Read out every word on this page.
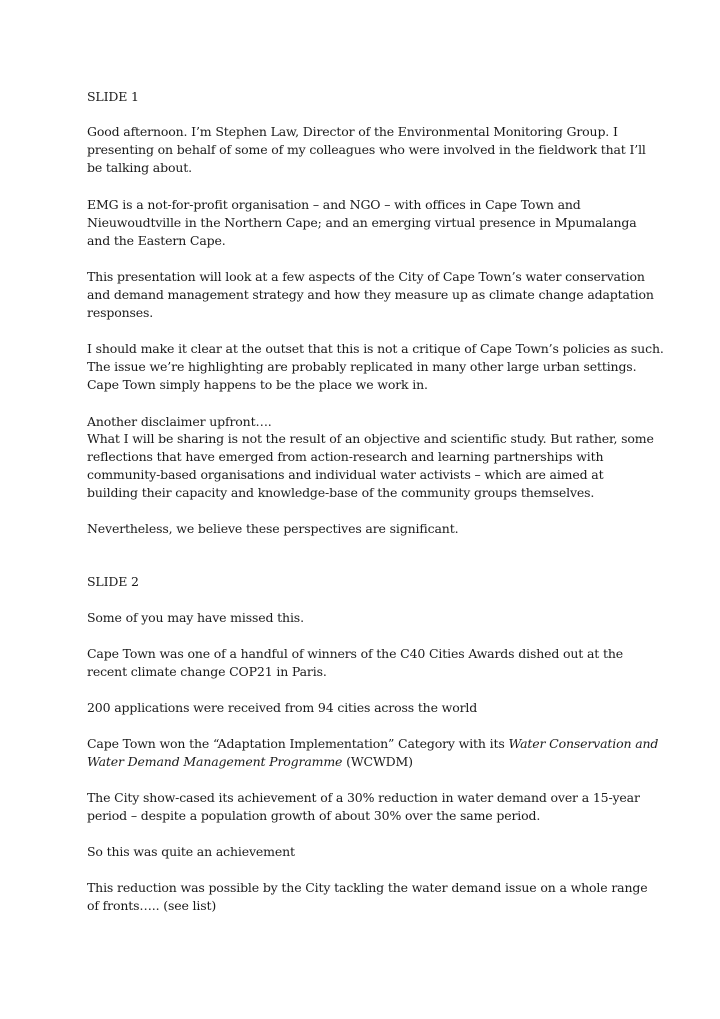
SLIDE 1

Good afternoon. I’m Stephen Law, Director of the Environmental Monitoring Group. I

presenting on behalf of some of my colleagues who were involved in the fieldwork that I’ll

be talking about.

EMG is a not-for-profit organisation – and NGO – with offices in Cape Town and

Nieuwoudtville in the Northern Cape; and an emerging virtual presence in Mpumalanga

and the Eastern Cape.

This presentation will look at a few aspects of the City of Cape Town’s water conservation

and demand management strategy and how they measure up as climate change adaptation

responses.

I should make it clear at the outset that this is not a critique of Cape Town’s policies as such.

The issue we’re highlighting are probably replicated in many other large urban settings.

Cape Town simply happens to be the place we work in.

Another disclaimer upfront….

What I will be sharing is not the result of an objective and scientific study. But rather, some

reflections that have emerged from action-research and learning partnerships with

community-based organisations and individual water activists – which are aimed at

building their capacity and knowledge-base of the community groups themselves.

Nevertheless, we believe these perspectives are significant.

SLIDE 2

Some of you may have missed this.

Cape Town was one of a handful of winners of the C40 Cities Awards dished out at the

recent climate change COP21 in Paris.

200 applications were received from 94 cities across the world

Cape Town won the “Adaptation Implementation” Category with its Water Conservation and

Water Demand Management Programme (WCWDM)

The City show-cased its achievement of a 30% reduction in water demand over a 15-year

period – despite a population growth of about 30% over the same period.

So this was quite an achievement

This reduction was possible by the City tackling the water demand issue on a whole range

of fronts….. (see list)
